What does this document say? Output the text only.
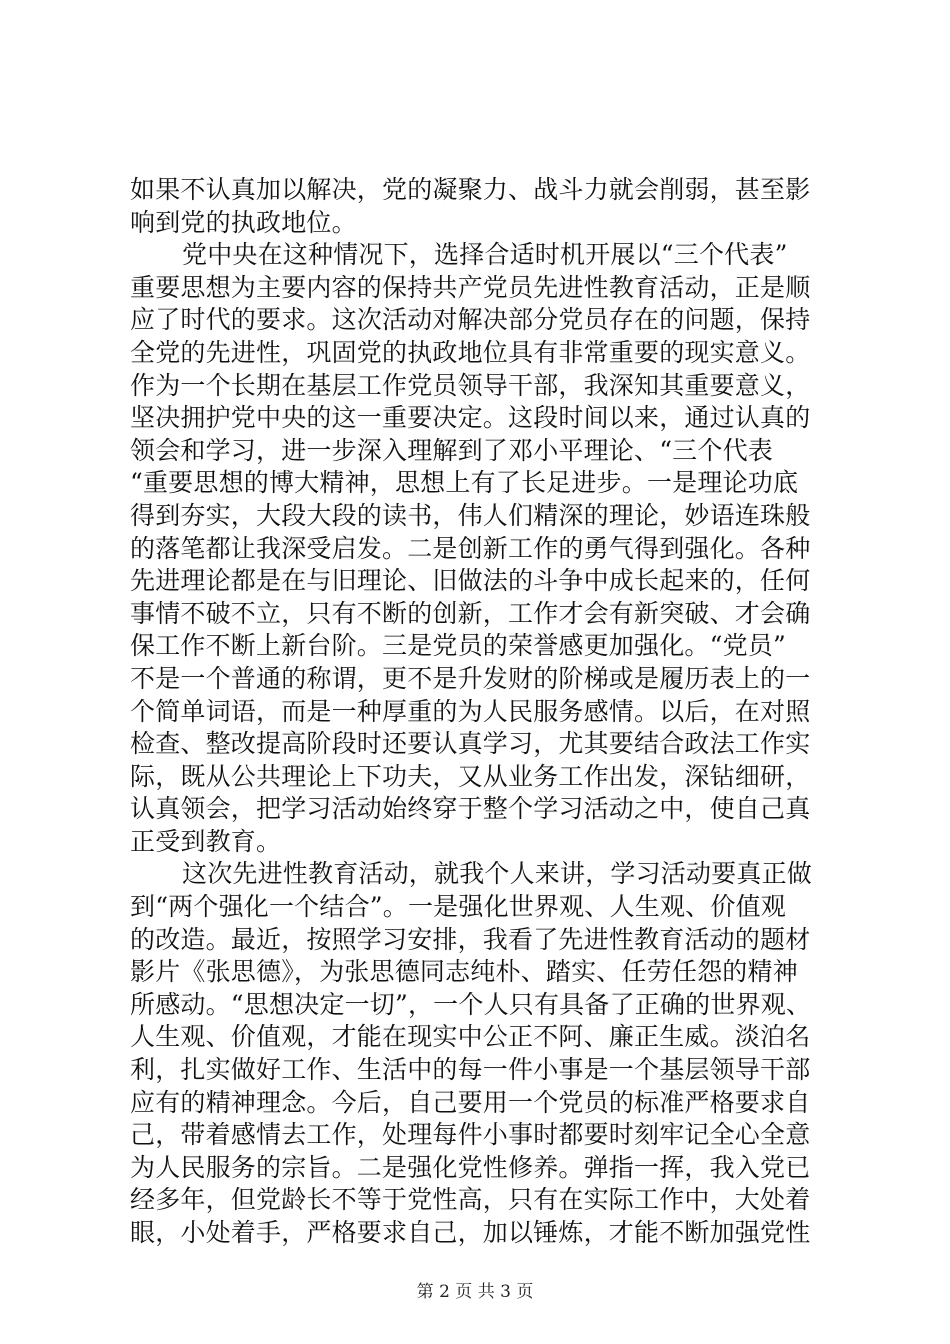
如果不认真加以解决，党的凝聚力、战斗力就会削弱，甚至影
响到党的执政地位。
党中央在这种情况下，选择合适时机开展以“三个代表”
重要思想为主要内容的保持共产党员先进性教育活动，正是顺
应了时代的要求。这次活动对解决部分党员存在的问题，保持
全党的先进性，巩固党的执政地位具有非常重要的现实意义。
作为一个长期在基层工作党员领导干部，我深知其重要意义，
坚决拥护党中央的这一重要决定。这段时间以来，通过认真的
领会和学习，进一步深入理解到了邓小平理论、“三个代表
“重要思想的博大精神，思想上有了长足进步。一是理论功底
得到夯实，大段大段的读书，伟人们精深的理论，妙语连珠般
的落笔都让我深受启发。二是创新工作的勇气得到强化。各种
先进理论都是在与旧理论、旧做法的斗争中成长起来的，任何
事情不破不立，只有不断的创新，工作才会有新突破、才会确
保工作不断上新台阶。三是党员的荣誉感更加强化。“党员”
不是一个普通的称谓，更不是升发财的阶梯或是履历表上的一
个简单词语，而是一种厚重的为人民服务感情。以后，在对照
检查、整改提高阶段时还要认真学习，尤其要结合政法工作实
际，既从公共理论上下功夫，又从业务工作出发，深钻细研，
认真领会，把学习活动始终穿于整个学习活动之中，使自己真
正受到教育。
这次先进性教育活动，就我个人来讲，学习活动要真正做
到“两个强化一个结合”。一是强化世界观、人生观、价值观
的改造。最近，按照学习安排，我看了先进性教育活动的题材
影片《张思德》，为张思德同志纯朴、踏实、任劳任怨的精神
所感动。“思想决定一切”，一个人只有具备了正确的世界观、
人生观、价值观，才能在现实中公正不阿、廉正生威。淡泊名
利，扎实做好工作、生活中的每一件小事是一个基层领导干部
应有的精神理念。今后，自己要用一个党员的标准严格要求自
己，带着感情去工作，处理每件小事时都要时刻牢记全心全意
为人民服务的宗旨。二是强化党性修养。弹指一挥，我入党已
经多年，但党龄长不等于党性高，只有在实际工作中，大处着
眼，小处着手，严格要求自己，加以锤炼，才能不断加强党性
第 2 页 共 3 页
